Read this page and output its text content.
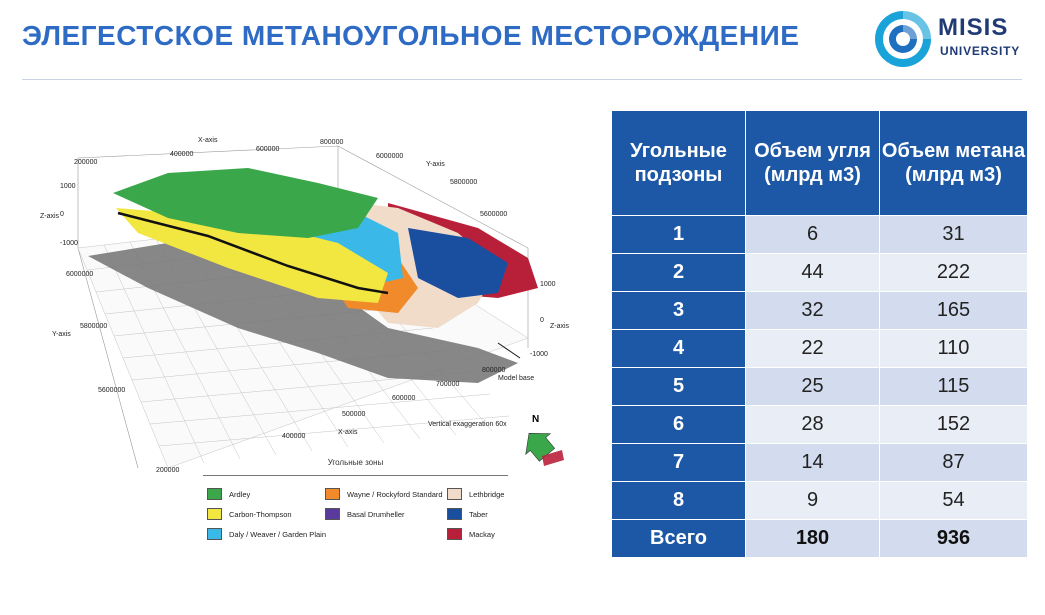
ЭЛЕГЕСТСКОЕ МЕТАНОУГОЛЬНОЕ МЕСТОРОЖДЕНИЕ	MISIS
UNIVERSITY
X-axis
Y-axis
Z-axis
Z-axis
Y-axis
X-axis
200000
400000
600000
800000
6000000
5800000
5600000
1000
0
-1000
1000
0
-1000
6000000
5800000
5600000
200000
400000
500000
600000
700000
800000
Model base
Vertical exaggeration 60x	N
Угольные зоны
Ardley
Carbon-Thompson
Daly / Weaver / Garden Plain
Wayne / Rockyford Standard
Basal Drumheller
Lethbridge
Taber
Mackay
Угольные подзоны	Объем угля (млрд м3)	Объем метана (млрд м3)
1	6	31
2	44	222
3	32	165
4	22	110
5	25	115
6	28	152
7	14	87
8	9	54
Всего	180	936
